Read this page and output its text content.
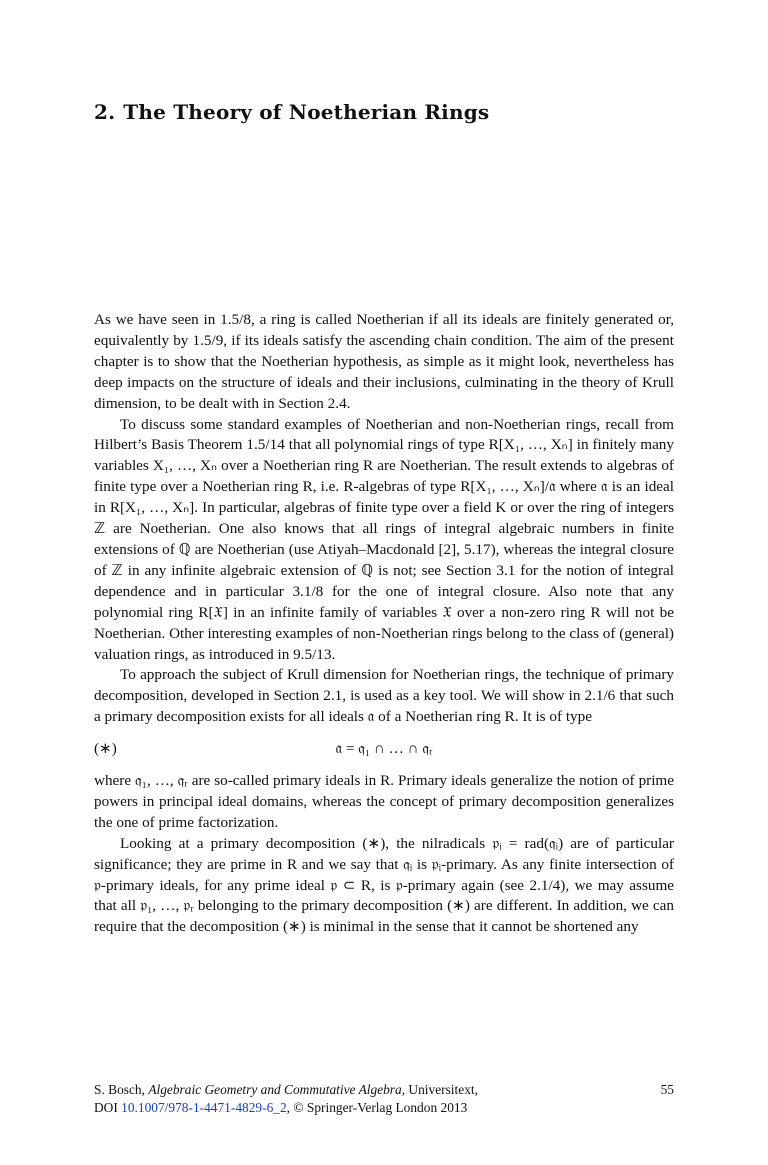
2. The Theory of Noetherian Rings

As we have seen in 1.5/8, a ring is called Noetherian if all its ideals are finitely generated or, equivalently by 1.5/9, if its ideals satisfy the ascending chain condition. The aim of the present chapter is to show that the Noetherian hypothesis, as simple as it might look, nevertheless has deep impacts on the structure of ideals and their inclusions, culminating in the theory of Krull dimension, to be dealt with in Section 2.4.

To discuss some standard examples of Noetherian and non-Noetherian rings, recall from Hilbert’s Basis Theorem 1.5/14 that all polynomial rings of type R[X₁, …, Xₙ] in finitely many variables X₁, …, Xₙ over a Noetherian ring R are Noetherian. The result extends to algebras of finite type over a Noetherian ring R, i.e. R-algebras of type R[X₁, …, Xₙ]/𝔞 where 𝔞 is an ideal in R[X₁, …, Xₙ]. In particular, algebras of finite type over a field K or over the ring of integers ℤ are Noetherian. One also knows that all rings of integral algebraic numbers in finite extensions of ℚ are Noetherian (use Atiyah–Macdonald [2], 5.17), whereas the integral closure of ℤ in any infinite algebraic extension of ℚ is not; see Section 3.1 for the notion of integral dependence and in particular 3.1/8 for the one of integral closure. Also note that any polynomial ring R[𝔛] in an infinite family of variables 𝔛 over a non-zero ring R will not be Noetherian. Other interesting examples of non-Noetherian rings belong to the class of (general) valuation rings, as introduced in 9.5/13.

To approach the subject of Krull dimension for Noetherian rings, the technique of primary decomposition, developed in Section 2.1, is used as a key tool. We will show in 2.1/6 that such a primary decomposition exists for all ideals 𝔞 of a Noetherian ring R. It is of type

(∗)	𝔞 = 𝔮₁ ∩ … ∩ 𝔮ᵣ

where 𝔮₁, …, 𝔮ᵣ are so-called primary ideals in R. Primary ideals generalize the notion of prime powers in principal ideal domains, whereas the concept of primary decomposition generalizes the one of prime factorization.

Looking at a primary decomposition (∗), the nilradicals 𝔭ᵢ = rad(𝔮ᵢ) are of particular significance; they are prime in R and we say that 𝔮ᵢ is 𝔭ᵢ-primary. As any finite intersection of 𝔭-primary ideals, for any prime ideal 𝔭 ⊂ R, is 𝔭-primary again (see 2.1/4), we may assume that all 𝔭₁, …, 𝔭ᵣ belonging to the primary decomposition (∗) are different. In addition, we can require that the decomposition (∗) is minimal in the sense that it cannot be shortened any

S. Bosch, Algebraic Geometry and Commutative Algebra, Universitext,	55
DOI 10.1007/978-1-4471-4829-6_2, © Springer-Verlag London 2013
